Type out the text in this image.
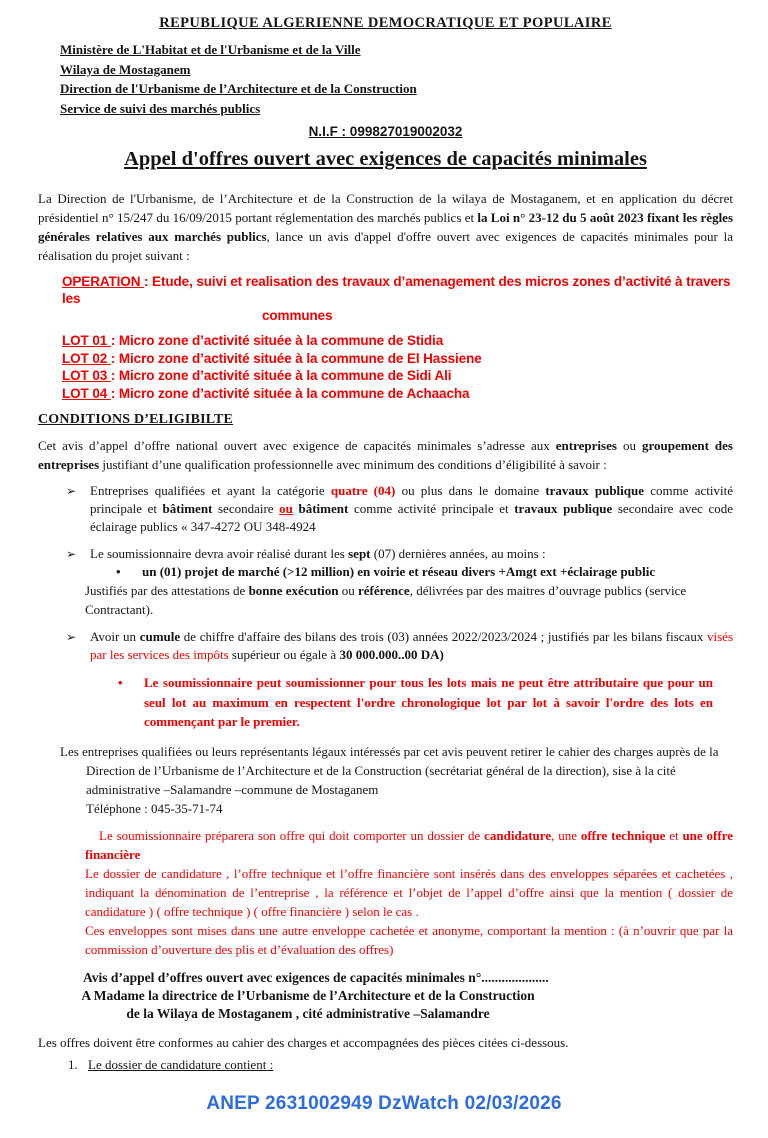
REPUBLIQUE ALGERIENNE DEMOCRATIQUE ET POPULAIRE
Ministère de L'Habitat et de l'Urbanisme et de la Ville
Wilaya de Mostaganem
Direction de l'Urbanisme de l’Architecture et de la Construction
Service de suivi des marchés publics
N.I.F : 099827019002032
Appel d'offres ouvert avec exigences de capacités minimales

La Direction de l'Urbanisme, de l’Architecture et de la Construction de la wilaya de Mostaganem, et en application du décret présidentiel n° 15/247 du 16/09/2015 portant réglementation des marchés publics et la Loi n° 23-12 du 5 août 2023 fixant les règles générales relatives aux marchés publics, lance un avis d'appel d'offre ouvert avec exigences de capacités minimales pour la réalisation du projet suivant :

OPERATION : Etude, suivi et realisation des travaux d’amenagement des micros zones d’activité à travers les
communes
LOT 01 : Micro zone d’activité située à la commune de Stidia
LOT 02 : Micro zone d’activité située à la commune de El Hassiene
LOT 03 : Micro zone d’activité située à la commune de Sidi Ali
LOT 04 : Micro zone d’activité située à la commune de Achaacha
CONDITIONS D’ELIGIBILTE

Cet avis d’appel d’offre national ouvert avec exigence de capacités minimales s’adresse aux entreprises ou groupement des entreprises justifiant d’une qualification professionnelle avec minimum des conditions d’éligibilité à savoir :

➢	Entreprises qualifiées et ayant la catégorie quatre (04) ou plus dans le domaine travaux publique comme activité principale et bâtiment secondaire ou bâtiment comme activité principale et travaux publique secondaire avec code éclairage publics « 347-4272 OU 348-4924
➢	Le soumissionnaire devra avoir réalisé durant les sept (07) dernières années, au moins :
•	un (01) projet de marché (>12 million) en voirie et réseau divers +Amgt ext +éclairage public
Justifiés par des attestations de bonne exécution ou référence, délivrées par des maitres d’ouvrage publics (service Contractant).
➢	Avoir un cumule de chiffre d'affaire des bilans des trois (03) années 2022/2023/2024 ; justifiés par les bilans fiscaux visés par les services des impôts supérieur ou égale à 30 000.000..00 DA)
•	Le soumissionnaire peut soumissionner pour tous les lots mais ne peut être attributaire que pour un seul lot au maximum en respectent l'ordre chronologique lot par lot à savoir l'ordre des lots en commençant par le premier.

Les entreprises qualifiées ou leurs représentants légaux intéressés par cet avis peuvent retirer le cahier des charges auprès de la Direction de l’Urbanisme de l’Architecture et de la Construction (secrétariat général de la direction), sise à la cité administrative –Salamandre –commune de Mostaganem

Téléphone : 045-35-71-74

Le soumissionnaire préparera son offre qui doit comporter un dossier de candidature, une offre technique et une offre financière

Le dossier de candidature , l’offre technique et l’offre financière sont insérés dans des enveloppes séparées et cachetées , indiquant la dénomination de l’entreprise , la référence et l’objet de l’appel d’offre ainsi que la mention ( dossier de candidature ) ( offre technique ) ( offre financière ) selon le cas .

Ces enveloppes sont mises dans une autre enveloppe cachetée et anonyme, comportant la mention : (à n’ouvrir que par la commission d’ouverture des plis et d’évaluation des offres)

Avis d’appel d’offres ouvert avec exigences de capacités minimales n°....................
A Madame la directrice de l’Urbanisme de l’Architecture et de la Construction
de la Wilaya de Mostaganem , cité administrative –Salamandre

Les offres doivent être conformes au cahier des charges et accompagnées des pièces citées ci-dessous.

1. Le dossier de candidature contient :
ANEP 2631002949 DzWatch 02/03/2026
